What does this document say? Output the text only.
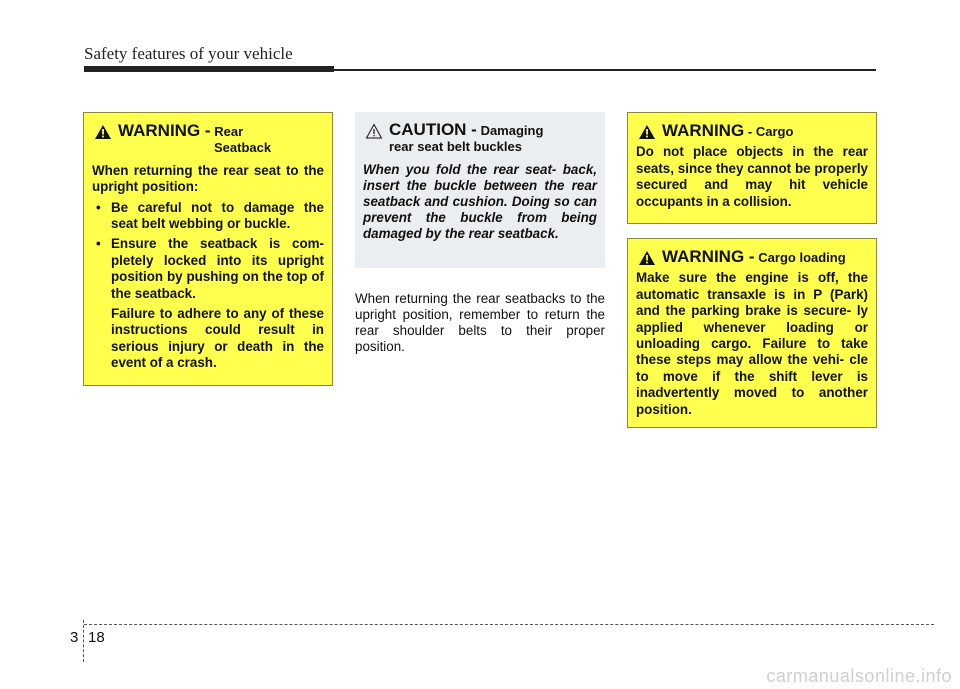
Safety features of your vehicle
WARNING - Rear
Seatback

When returning the rear seat to the upright position:

• Be careful not to damage the seat belt webbing or buckle.
• Ensure the seatback is com- pletely locked into its upright position by pushing on the top of the seatback.

Failure to adhere to any of these instructions could result in serious injury or death in the event of a crash.

CAUTION - Damaging
rear seat belt buckles

When you fold the rear seat- back, insert the buckle between the rear seatback and cushion. Doing so can prevent the buckle from being damaged by the rear seatback.

When returning the rear seatbacks to the upright position, remember to return the rear shoulder belts to their proper position.
WARNING - Cargo

Do not place objects in the rear seats, since they cannot be properly secured and may hit vehicle occupants in a collision.

WARNING - Cargo loading

Make sure the engine is off, the automatic transaxle is in P (Park) and the parking brake is secure- ly applied whenever loading or unloading cargo. Failure to take these steps may allow the vehi- cle to move if the shift lever is inadvertently moved to another position.

3 18
carmanualsonline.info
